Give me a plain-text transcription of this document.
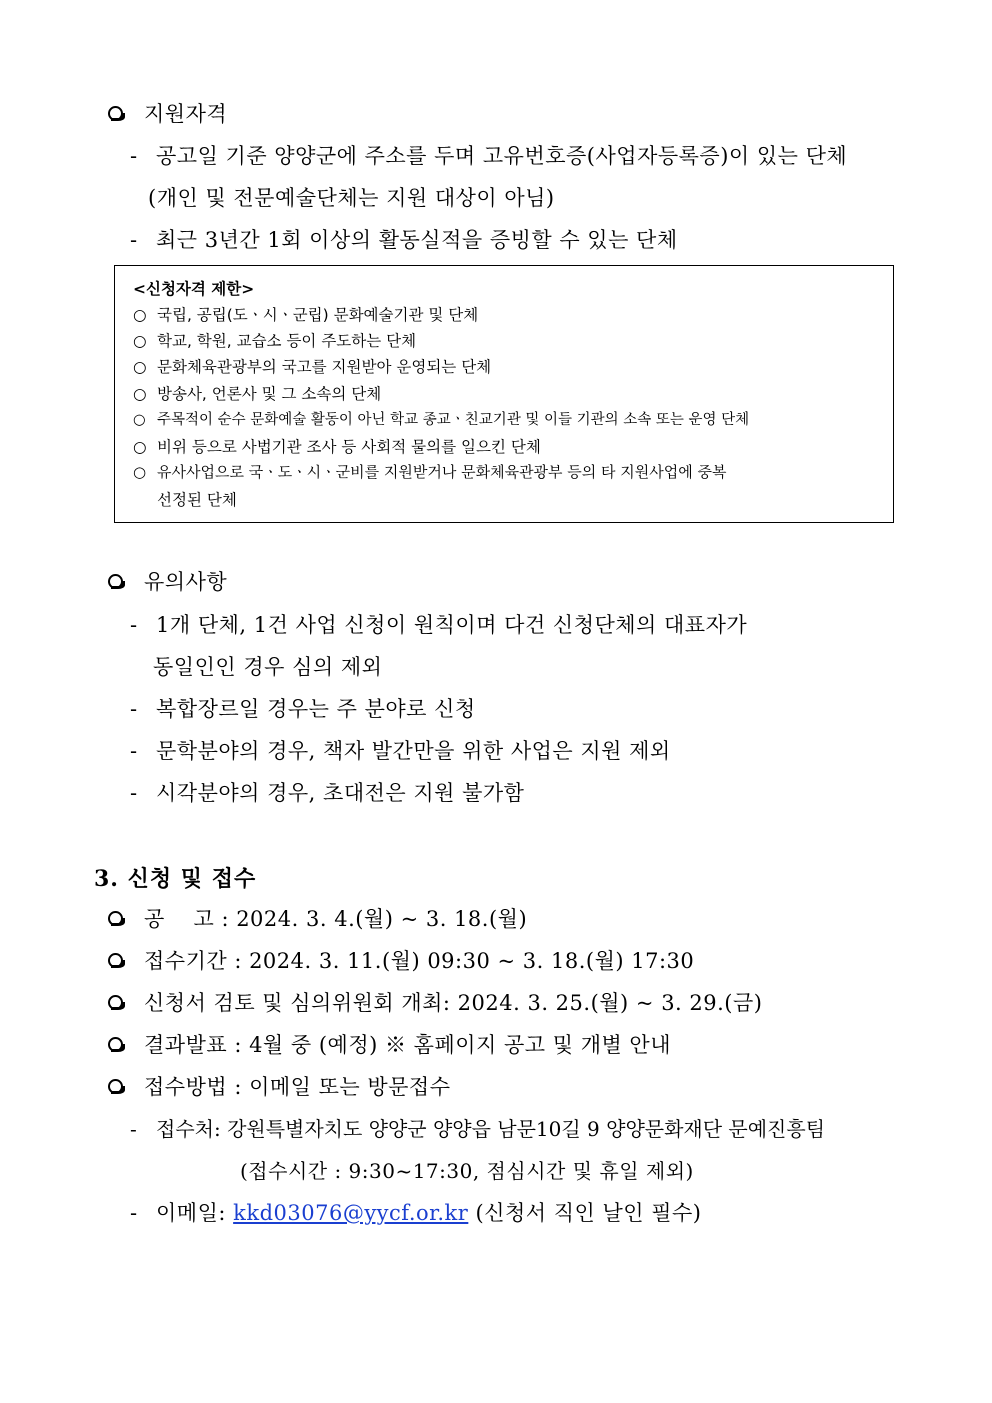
지원자격
- 공고일 기준 양양군에 주소를 두며 고유번호증(사업자등록증)이 있는 단체
(개인 및 전문예술단체는 지원 대상이 아님)
- 최근 3년간 1회 이상의 활동실적을 증빙할 수 있는 단체
<신청자격 제한>
○ 국립, 공립(도ㆍ시ㆍ군립) 문화예술기관 및 단체
○ 학교, 학원, 교습소 등이 주도하는 단체
○ 문화체육관광부의 국고를 지원받아 운영되는 단체
○ 방송사, 언론사 및 그 소속의 단체
○ 주목적이 순수 문화예술 활동이 아닌 학교 종교ㆍ친교기관 및 이들 기관의 소속 또는 운영 단체
○ 비위 등으로 사법기관 조사 등 사회적 물의를 일으킨 단체
○ 유사사업으로 국ㆍ도ㆍ시ㆍ군비를 지원받거나 문화체육관광부 등의 타 지원사업에 중복
선정된 단체
유의사항
- 1개 단체, 1건 사업 신청이 원칙이며 다건 신청단체의 대표자가
동일인인 경우 심의 제외
- 복합장르일 경우는 주 분야로 신청
- 문학분야의 경우, 책자 발간만을 위한 사업은 지원 제외
- 시각분야의 경우, 초대전은 지원 불가함
3. 신청 및 접수
공    고 : 2024. 3. 4.(월) ~ 3. 18.(월)
접수기간 : 2024. 3. 11.(월) 09:30 ~ 3. 18.(월) 17:30
신청서 검토 및 심의위원회 개최: 2024. 3. 25.(월) ~ 3. 29.(금)
결과발표 : 4월 중 (예정) ※ 홈페이지 공고 및 개별 안내
접수방법 : 이메일 또는 방문접수
- 접수처: 강원특별자치도 양양군 양양읍 남문10길 9 양양문화재단 문예진흥팀
(접수시간 : 9:30~17:30, 점심시간 및 휴일 제외)
- 이메일: kkd03076@yycf.or.kr (신청서 직인 날인 필수)
